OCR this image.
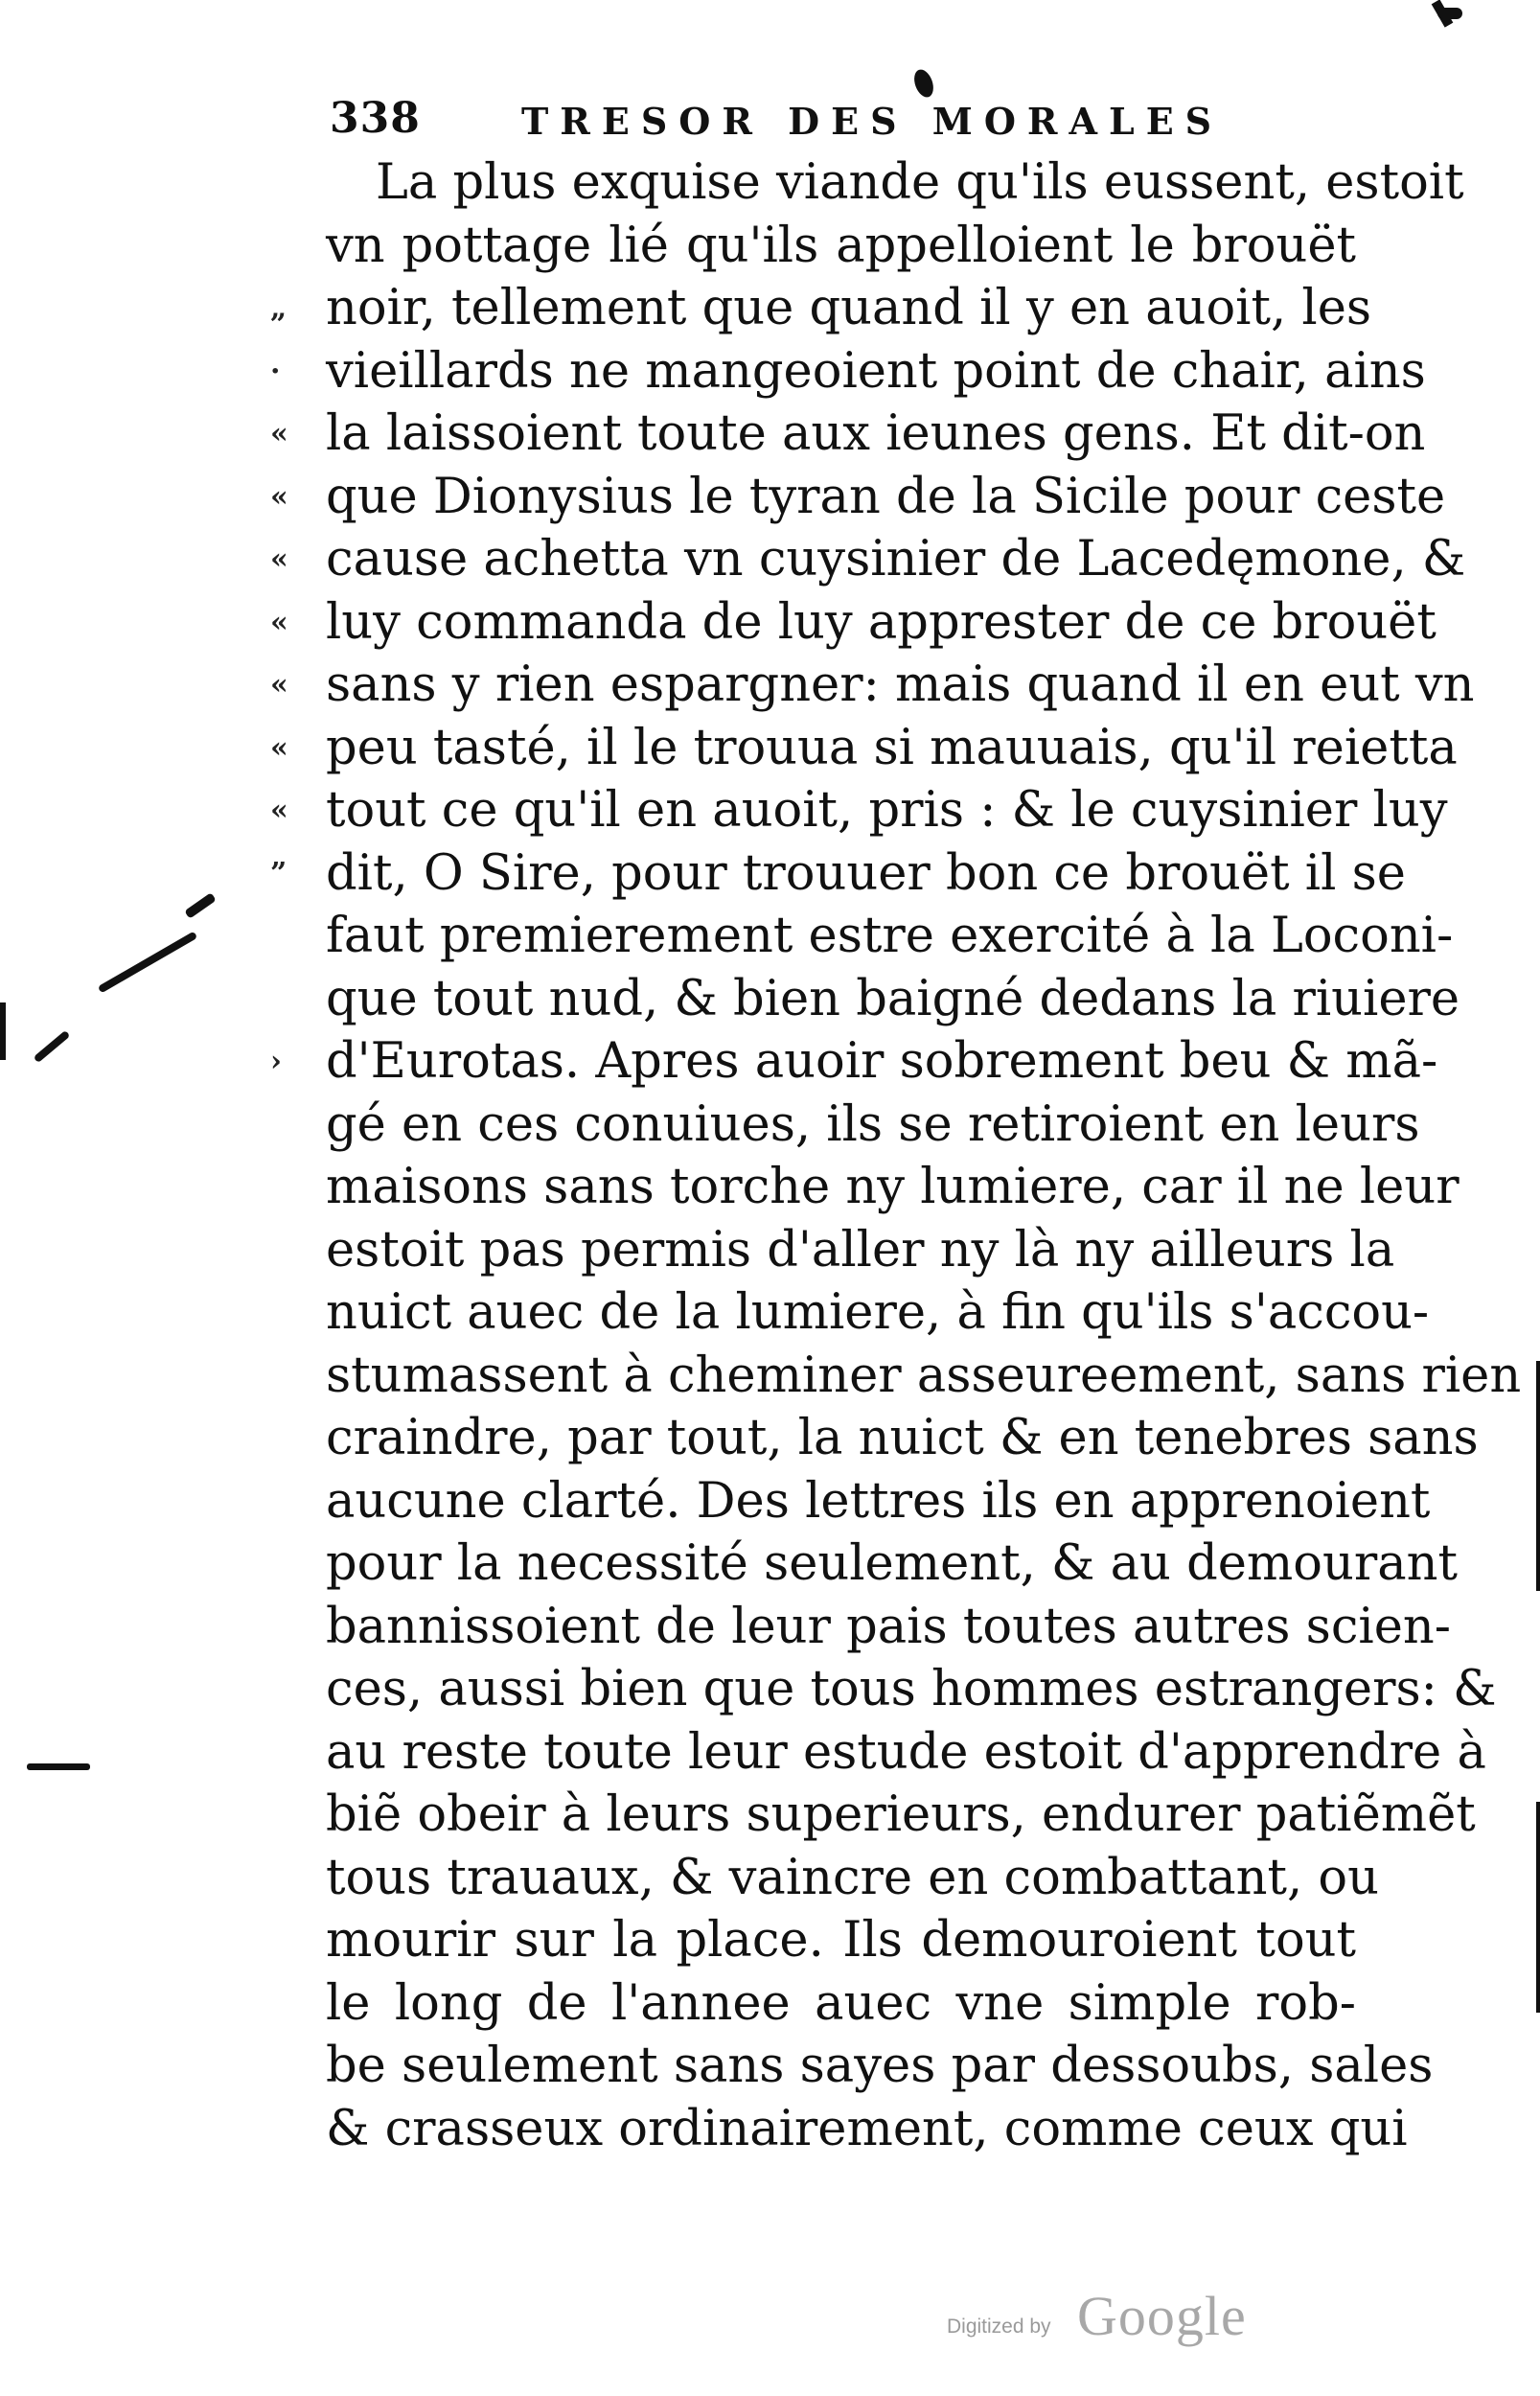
338	TRESOR DES MORALES
La plus exquise viande qu'ils eussent, estoit
vn pottage lié qu'ils appelloient le brouët
„ noir, tellement que quand il y en auoit, les
· vieillards ne mangeoient point de chair, ains
« la laissoient toute aux ieunes gens. Et dit-on
« que Dionysius le tyran de la Sicile pour ceste
« cause achetta vn cuysinier de Lacedęmone, &
« luy commanda de luy apprester de ce brouët
« sans y rien espargner: mais quand il en eut vn
« peu tasté, il le trouua si mauuais, qu'il reietta
« tout ce qu'il en auoit, pris : & le cuysinier luy
” dit, O Sire, pour trouuer bon ce brouët il se
faut premierement estre exercité à la Loconi-
que tout nud, & bien baigné dedans la riuiere
› d'Eurotas. Apres auoir sobrement beu & mã-
gé en ces conuiues, ils se retiroient en leurs
maisons sans torche ny lumiere, car il ne leur
estoit pas permis d'aller ny là ny ailleurs la
nuict auec de la lumiere, à fin qu'ils s'accou-
stumassent à cheminer asseureement, sans rien
craindre, par tout, la nuict & en tenebres sans
aucune clarté. Des lettres ils en apprenoient
pour la necessité seulement, & au demourant
bannissoient de leur pais toutes autres scien-
ces, aussi bien que tous hommes estrangers: &
au reste toute leur estude estoit d'apprendre à
biẽ obeir à leurs superieurs, endurer patiẽmẽt
tous trauaux, & vaincre en combattant, ou
mourir sur la place. Ils demouroient tout
le long de l'annee auec vne simple rob-
be seulement sans sayes par dessoubs, sales
& crasseux ordinairement, comme ceux qui
Digitized by Google
